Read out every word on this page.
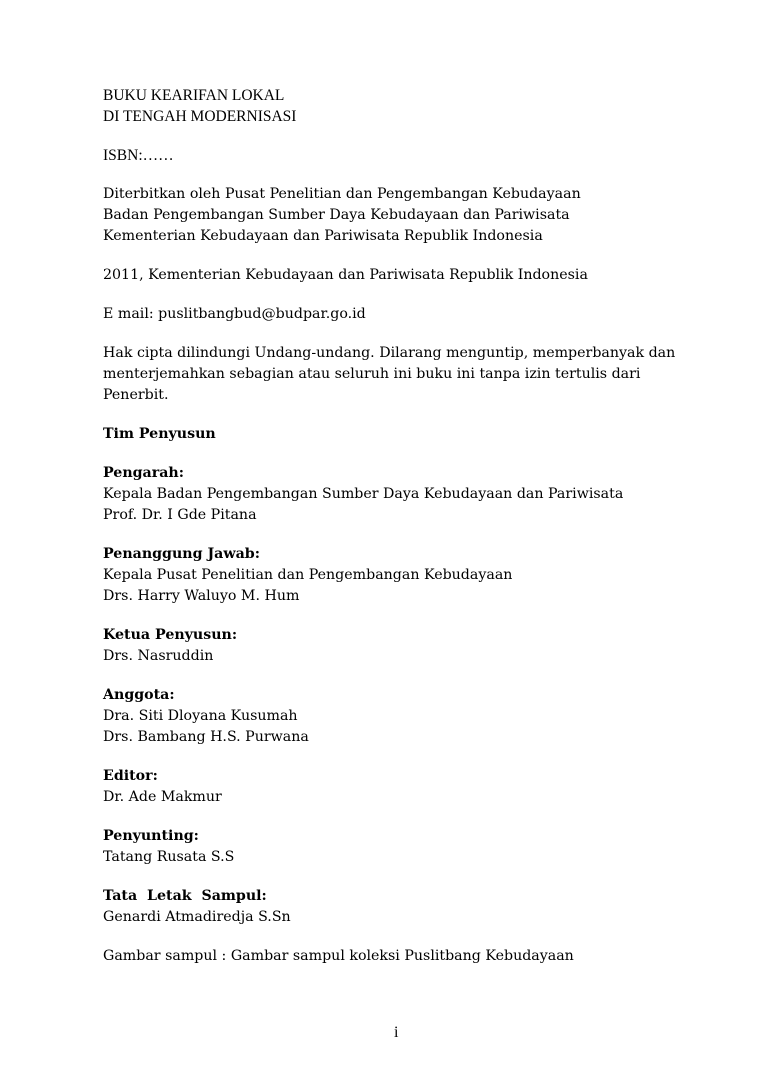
BUKU KEARIFAN LOKAL
DI TENGAH MODERNISASI
ISBN:……
Diterbitkan oleh Pusat Penelitian dan Pengembangan Kebudayaan
Badan Pengembangan Sumber Daya Kebudayaan dan Pariwisata
Kementerian Kebudayaan dan Pariwisata Republik Indonesia
2011, Kementerian Kebudayaan dan Pariwisata Republik Indonesia
E mail: puslitbangbud@budpar.go.id
Hak cipta dilindungi Undang-undang. Dilarang menguntip, memperbanyak dan
menterjemahkan sebagian atau seluruh ini buku ini tanpa izin tertulis dari
Penerbit.
Tim Penyusun
Pengarah:
Kepala Badan Pengembangan Sumber Daya Kebudayaan dan Pariwisata
Prof. Dr. I Gde Pitana
Penanggung Jawab:
Kepala Pusat Penelitian dan Pengembangan Kebudayaan
Drs. Harry Waluyo M. Hum
Ketua Penyusun:
Drs. Nasruddin
Anggota:
Dra. Siti Dloyana Kusumah
Drs. Bambang H.S. Purwana
Editor:
Dr. Ade Makmur
Penyunting:
Tatang Rusata S.S
Tata  Letak  Sampul:
Genardi Atmadiredja S.Sn
Gambar sampul : Gambar sampul koleksi Puslitbang Kebudayaan
i
